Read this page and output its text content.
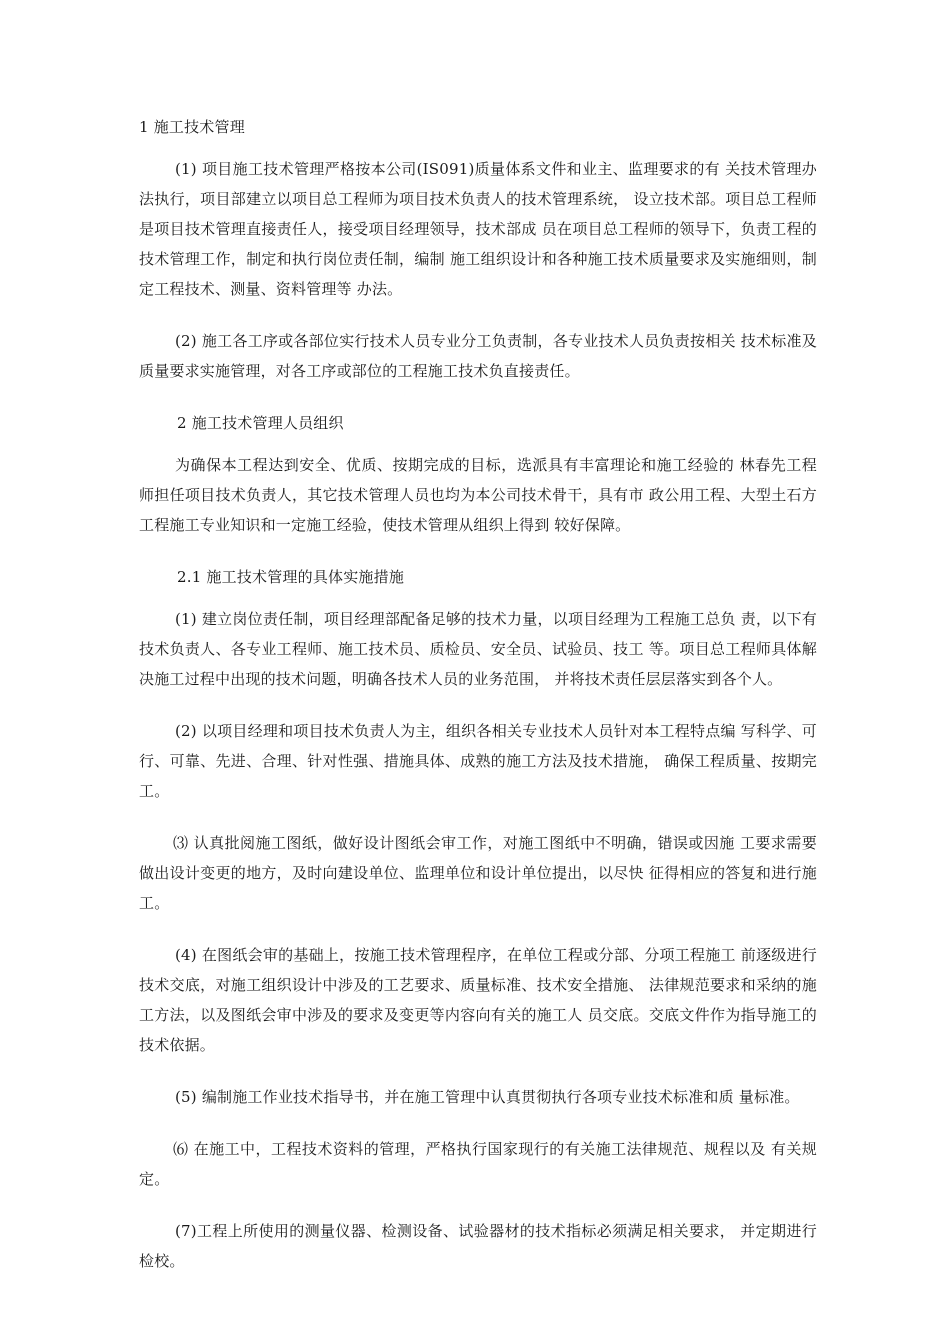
1 施工技术管理

(1) 项目施工技术管理严格按本公司(IS091)质量体系文件和业主、监理要求的有 关技术管理办法执行，项目部建立以项目总工程师为项目技术负责人的技术管理系统， 设立技术部。项目总工程师是项目技术管理直接责任人，接受项目经理领导，技术部成 员在项目总工程师的领导下，负责工程的技术管理工作，制定和执行岗位责任制，编制 施工组织设计和各种施工技术质量要求及实施细则，制定工程技术、测量、资料管理等 办法。

(2) 施工各工序或各部位实行技术人员专业分工负责制，各专业技术人员负责按相关 技术标准及质量要求实施管理，对各工序或部位的工程施工技术负直接责任。

2 施工技术管理人员组织

为确保本工程达到安全、优质、按期完成的目标，选派具有丰富理论和施工经验的 林春先工程师担任项目技术负责人，其它技术管理人员也均为本公司技术骨干，具有市 政公用工程、大型土石方工程施工专业知识和一定施工经验，使技术管理从组织上得到 较好保障。

2.1 施工技术管理的具体实施措施

(1) 建立岗位责任制，项目经理部配备足够的技术力量，以项目经理为工程施工总负 责，以下有技术负责人、各专业工程师、施工技术员、质检员、安全员、试验员、技工 等。项目总工程师具体解决施工过程中出现的技术问题，明确各技术人员的业务范围， 并将技术责任层层落实到各个人。

(2) 以项目经理和项目技术负责人为主，组织各相关专业技术人员针对本工程特点编 写科学、可行、可靠、先进、合理、针对性强、措施具体、成熟的施工方法及技术措施， 确保工程质量、按期完工。

⑶ 认真批阅施工图纸，做好设计图纸会审工作，对施工图纸中不明确，错误或因施 工要求需要做出设计变更的地方，及时向建设单位、监理单位和设计单位提出，以尽快 征得相应的答复和进行施工。

(4) 在图纸会审的基础上，按施工技术管理程序，在单位工程或分部、分项工程施工 前逐级进行技术交底，对施工组织设计中涉及的工艺要求、质量标准、技术安全措施、 法律规范要求和采纳的施工方法，以及图纸会审中涉及的要求及变更等内容向有关的施工人 员交底。交底文件作为指导施工的技术依据。

(5) 编制施工作业技术指导书，并在施工管理中认真贯彻执行各项专业技术标准和质 量标准。

⑹ 在施工中，工程技术资料的管理，严格执行国家现行的有关施工法律规范、规程以及 有关规定。

(7)工程上所使用的测量仪器、检测设备、试验器材的技术指标必须满足相关要求， 并定期进行检校。
